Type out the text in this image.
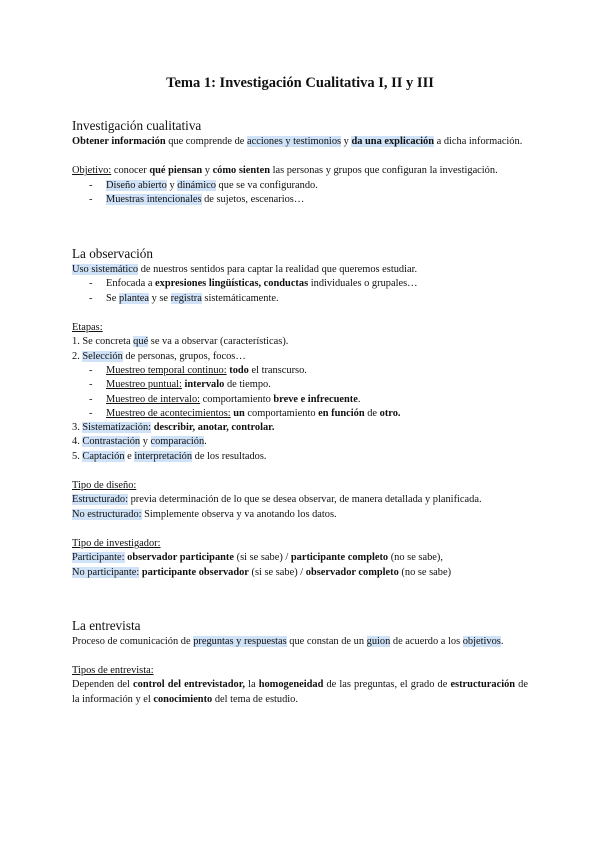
Tema 1: Investigación Cualitativa I, II y III
Investigación cualitativa

Obtener información que comprende de acciones y testimonios y da una explicación a dicha información.

Objetivo: conocer qué piensan y cómo sienten las personas y grupos que configuran la investigación.

- Diseño abierto y dinámico que se va configurando.
- Muestras intencionales de sujetos, escenarios…
La observación

Uso sistemático de nuestros sentidos para captar la realidad que queremos estudiar.

- Enfocada a expresiones lingüísticas, conductas individuales o grupales…
- Se plantea y se registra sistemáticamente.

Etapas:

1. Se concreta qué se va a observar (características).

2. Selección de personas, grupos, focos…

- Muestreo temporal continuo: todo el transcurso.
- Muestreo puntual: intervalo de tiempo.
- Muestreo de intervalo: comportamiento breve e infrecuente.
- Muestreo de acontecimientos: un comportamiento en función de otro.

3. Sistematización: describir, anotar, controlar.

4. Contrastación y comparación.

5. Captación e interpretación de los resultados.

Tipo de diseño:

Estructurado: previa determinación de lo que se desea observar, de manera detallada y planificada.

No estructurado: Simplemente observa y va anotando los datos.

Tipo de investigador:

Participante: observador participante (si se sabe) / participante completo (no se sabe),

No participante: participante observador (si se sabe) / observador completo (no se sabe)

La entrevista

Proceso de comunicación de preguntas y respuestas que constan de un guion de acuerdo a los objetivos.

Tipos de entrevista:

Dependen del control del entrevistador, la homogeneidad de las preguntas, el grado de estructuración de la información y el conocimiento del tema de estudio.
